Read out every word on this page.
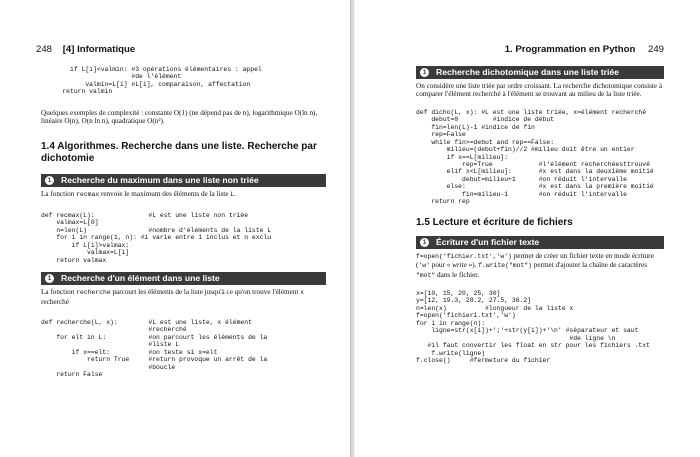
248 [4] Informatique
if L[i]<valmin: #3 opérations élémentaires : appel
#de l'élément
valmin=L[i] #L[i], comparaison, affectation
return valmin

Quelques exemples de complexité : constante O(1) (ne dépend pas de n), logarithmique O(ln n), linéaire O(n), O(n ln n), quadratique O(n²).

1.4 Algorithmes. Recherche dans une liste. Recherche par dichotomie
1	Recherche du maximum dans une liste non triée

La fonction recmax renvoie le maximum des éléments de la liste L.

def recmax(L):              #L est une liste non triée
valmax=L[0]
n=len(L)                #nombre d'éléments de la liste L
for i in range(1, n): #i varie entre 1 inclus et n exclu
if L[i]>valmax:
valmax=L[i]
return valmax
1	Recherche d'un élément dans une liste

La fonction recherche parcourt les éléments de la liste jusqu'à ce qu'on trouve l'élément x recherché

def recherche(L, x):        #L est une liste, x élément
#recherché
for elt in L:           #on parcourt les éléments de la
#liste L
if x==elt:          #on teste si x=elt
return True     #return provoque un arrêt de la
#boucle
return False
1. Programmation en Python 249
1	Recherche dichotomique dans une liste triée

On considère une liste triée par ordre croissant. La recherche dichotomique consiste à comparer l'élément recherché à l'élément se trouvant au milieu de la liste triée.

def dicho(L, x): #L est une liste triée, x=élément recherché
debut=0         #indice de début
fin=len(L)-1 #indice de fin
rep=False
while fin>=debut and rep==False:
milieu=(debut+fin)//2 #milieu doit être un entier
if x==L[milieu]:
rep=True            #l'élément recherchéesttrouvé
elif x<L[milieu]:       #x est dans la deuxième moitié
debut=milieu+1      #on réduit l'intervalle
else:                   #x est dans la première moitié
fin=milieu-1        #on réduit l'intervalle
return rep
1.5 Lecture et écriture de fichiers
1	Écriture d'un fichier texte

f=open('fichier.txt','w') permet de créer un fichier texte en mode écriture ('w' pour « write »). f.write("mot") permet d'ajouter la chaîne de caractères "mot" dans le fichier.

x=[10, 15, 20, 25, 30]
y=[12, 19.3, 28.2, 27.5, 36.2]
n=len(x)          #longueur de la liste x
f=open('fichier1.txt','w')
for i in range(n):
ligne=str(x[i])+';'+str(y[i])+'\n' #séparateur et saut
#de ligne \n
#il faut convertir les float en str pour les fichiers .txt
f.write(ligne)
f.close()     #fermeture du fichier
